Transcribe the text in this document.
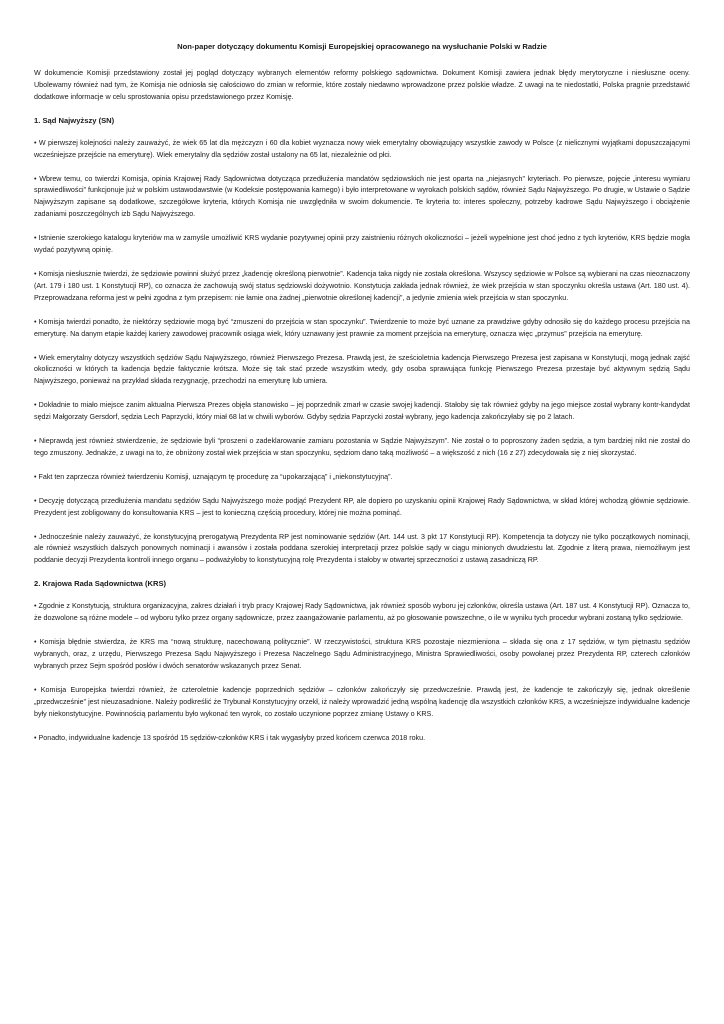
Non-paper dotyczący dokumentu Komisji Europejskiej opracowanego na wysłuchanie Polski w Radzie

W dokumencie Komisji przedstawiony został jej pogląd dotyczący wybranych elementów reformy polskiego sądownictwa. Dokument Komisji zawiera jednak błędy merytoryczne i niesłuszne oceny. Ubolewamy również nad tym, że Komisja nie odniosła się całościowo do zmian w reformie, które zostały niedawno wprowadzone przez polskie władze. Z uwagi na te niedostatki, Polska pragnie przedstawić dodatkowe informacje w celu sprostowania opisu przedstawionego przez Komisję.

1. Sąd Najwyższy (SN)

• W pierwszej kolejności należy zauważyć, że wiek 65 lat dla mężczyzn i 60 dla kobiet wyznacza nowy wiek emerytalny obowiązujący wszystkie zawody w Polsce (z nielicznymi wyjątkami dopuszczającymi wcześniejsze przejście na emeryturę). Wiek emerytalny dla sędziów został ustalony na 65 lat, niezależnie od płci.

• Wbrew temu, co twierdzi Komisja, opinia Krajowej Rady Sądownictwa dotycząca przedłużenia mandatów sędziowskich nie jest oparta na „niejasnych” kryteriach. Po pierwsze, pojęcie „interesu wymiaru sprawiedliwości” funkcjonuje już w polskim ustawodawstwie (w Kodeksie postępowania karnego) i było interpretowane w wyrokach polskich sądów, również Sądu Najwyższego. Po drugie, w Ustawie o Sądzie Najwyższym zapisane są dodatkowe, szczegółowe kryteria, których Komisja nie uwzględniła w swoim dokumencie. Te kryteria to: interes społeczny, potrzeby kadrowe Sądu Najwyższego i obciążenie zadaniami poszczególnych izb Sądu Najwyższego.

• Istnienie szerokiego katalogu kryteriów ma w zamyśle umożliwić KRS wydanie pozytywnej opinii przy zaistnieniu różnych okoliczności – jeżeli wypełnione jest choć jedno z tych kryteriów, KRS będzie mogła wydać pozytywną opinię.

• Komisja niesłusznie twierdzi, że sędziowie powinni służyć przez „kadencję określoną pierwotnie”. Kadencja taka nigdy nie została określona. Wszyscy sędziowie w Polsce są wybierani na czas nieoznaczony (Art. 179 i 180 ust. 1 Konstytucji RP), co oznacza że zachowują swój status sędziowski dożywotnio. Konstytucja zakłada jednak również, że wiek przejścia w stan spoczynku określa ustawa (Art. 180 ust. 4). Przeprowadzana reforma jest w pełni zgodna z tym przepisem: nie łamie ona żadnej „pierwotnie określonej kadencji”, a jedynie zmienia wiek przejścia w stan spoczynku.

• Komisja twierdzi ponadto, że niektórzy sędziowie mogą być “zmuszeni do przejścia w stan spoczynku”. Twierdzenie to może być uznane za prawdziwe gdyby odnosiło się do każdego procesu przejścia na emeryturę. Na danym etapie każdej kariery zawodowej pracownik osiąga wiek, który uznawany jest prawnie za moment przejścia na emeryturę, oznacza więc „przymus” przejścia na emeryturę.

• Wiek emerytalny dotyczy wszystkich sędziów Sądu Najwyższego, również Pierwszego Prezesa. Prawdą jest, że sześcioletnia kadencja Pierwszego Prezesa jest zapisana w Konstytucji, mogą jednak zajść okoliczności w których ta kadencja będzie faktycznie krótsza. Może się tak stać przede wszystkim wtedy, gdy osoba sprawująca funkcję Pierwszego Prezesa przestaje być aktywnym sędzią Sądu Najwyższego, ponieważ na przykład składa rezygnację, przechodzi na emeryturę lub umiera.

• Dokładnie to miało miejsce zanim aktualna Pierwsza Prezes objęła stanowisko – jej poprzednik zmarł w czasie swojej kadencji. Stałoby się tak również gdyby na jego miejsce został wybrany kontr-kandydat sędzi Małgorzaty Gersdorf, sędzia Lech Paprzycki, który miał 68 lat w chwili wyborów. Gdyby sędzia Paprzycki został wybrany, jego kadencja zakończyłaby się po 2 latach.

• Nieprawdą jest również stwierdzenie, że sędziowie byli “proszeni o zadeklarowanie zamiaru pozostania w Sądzie Najwyższym”. Nie został o to poproszony żaden sędzia, a tym bardziej nikt nie został do tego zmuszony. Jednakże, z uwagi na to, że obniżony został wiek przejścia w stan spoczynku, sędziom dano taką możliwość – a większość z nich (16 z 27) zdecydowała się z niej skorzystać.

• Fakt ten zaprzecza również twierdzeniu Komisji, uznającym tę procedurę za “upokarzającą” i „niekonstytucyjną”.

• Decyzję dotyczącą przedłużenia mandatu sędziów Sądu Najwyższego może podjąć Prezydent RP, ale dopiero po uzyskaniu opinii Krajowej Rady Sądownictwa, w skład której wchodzą głównie sędziowie. Prezydent jest zobligowany do konsultowania KRS – jest to konieczną częścią procedury, której nie można pominąć.

• Jednocześnie należy zauważyć, że konstytucyjną prerogatywą Prezydenta RP jest nominowanie sędziów (Art. 144 ust. 3 pkt 17 Konstytucji RP). Kompetencja ta dotyczy nie tylko początkowych nominacji, ale również wszystkich dalszych ponownych nominacji i awansów i została poddana szerokiej interpretacji przez polskie sądy w ciągu minionych dwudziestu lat. Zgodnie z literą prawa, niemożliwym jest poddanie decyzji Prezydenta kontroli innego organu – podważyłoby to konstytucyjną rolę Prezydenta i stałoby w otwartej sprzeczności z ustawą zasadniczą RP.

2. Krajowa Rada Sądownictwa (KRS)

• Zgodnie z Konstytucją, struktura organizacyjna, zakres działań i tryb pracy Krajowej Rady Sądownictwa, jak również sposób wyboru jej członków, określa ustawa (Art. 187 ust. 4 Konstytucji RP). Oznacza to, że dozwolone są różne modele – od wyboru tylko przez organy sądownicze, przez zaangażowanie parlamentu, aż po głosowanie powszechne, o ile w wyniku tych procedur wybrani zostaną tylko sędziowie.

• Komisja błędnie stwierdza, że KRS ma “nową strukturę, nacechowaną politycznie”. W rzeczywistości, struktura KRS pozostaje niezmieniona – składa się ona z 17 sędziów, w tym piętnastu sędziów wybranych, oraz, z urzędu, Pierwszego Prezesa Sądu Najwyższego i Prezesa Naczelnego Sądu Administracyjnego, Ministra Sprawiedliwości, osoby powołanej przez Prezydenta RP, czterech członków wybranych przez Sejm spośród posłów i dwóch senatorów wskazanych przez Senat.

• Komisja Europejska twierdzi również, że czteroletnie kadencje poprzednich sędziów – członków zakończyły się przedwcześnie. Prawdą jest, że kadencje te zakończyły się, jednak określenie „przedwcześnie” jest nieuzasadnione. Należy podkreślić że Trybunał Konstytucyjny orzekł, iż należy wprowadzić jedną wspólną kadencję dla wszystkich członków KRS, a wcześniejsze indywidualne kadencje były niekonstytucyjne. Powinnością parlamentu było wykonać ten wyrok, co zostało uczynione poprzez zmianę Ustawy o KRS.

• Ponadto, indywidualne kadencje 13 spośród 15 sędziów-członków KRS i tak wygasłyby przed końcem czerwca 2018 roku.
